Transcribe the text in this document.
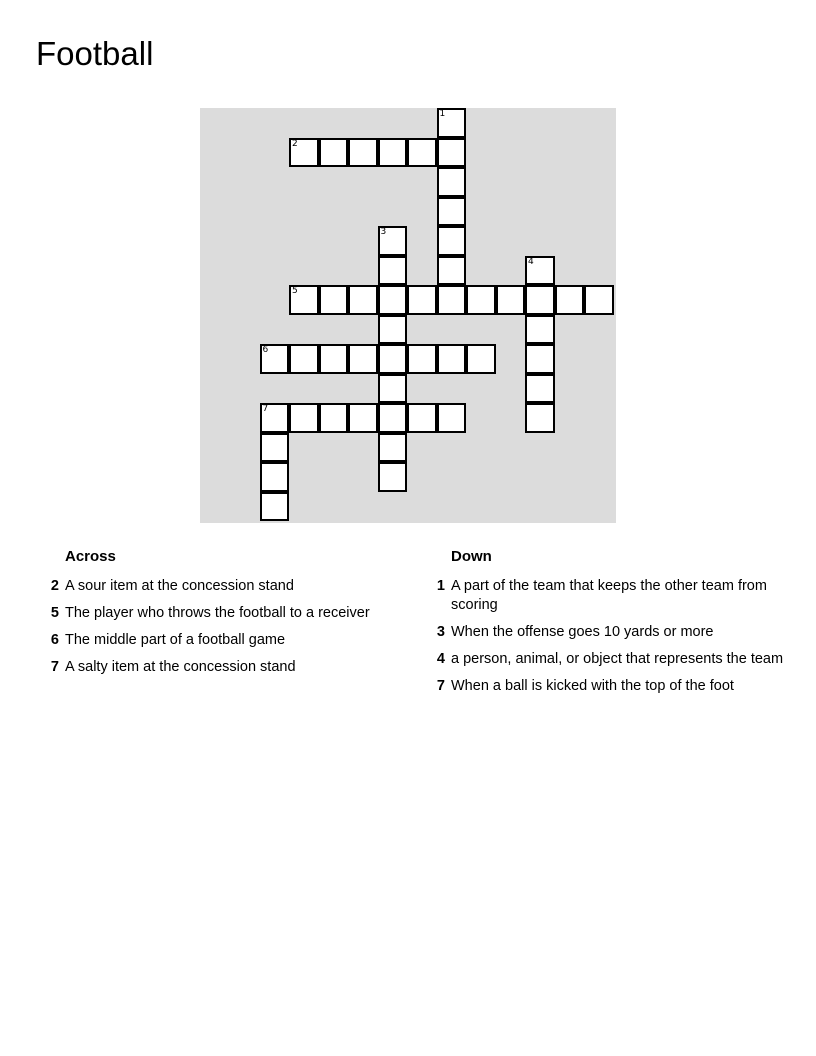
Football
1
2
3
4
5
6
7
Across
2 A sour item at the concession stand
5 The player who throws the football to a receiver
6 The middle part of a football game
7 A salty item at the concession stand
Down
1 A part of the team that keeps the other team from scoring
3 When the offense goes 10 yards or more
4 a person, animal, or object that represents the team
7 When a ball is kicked with the top of the foot
